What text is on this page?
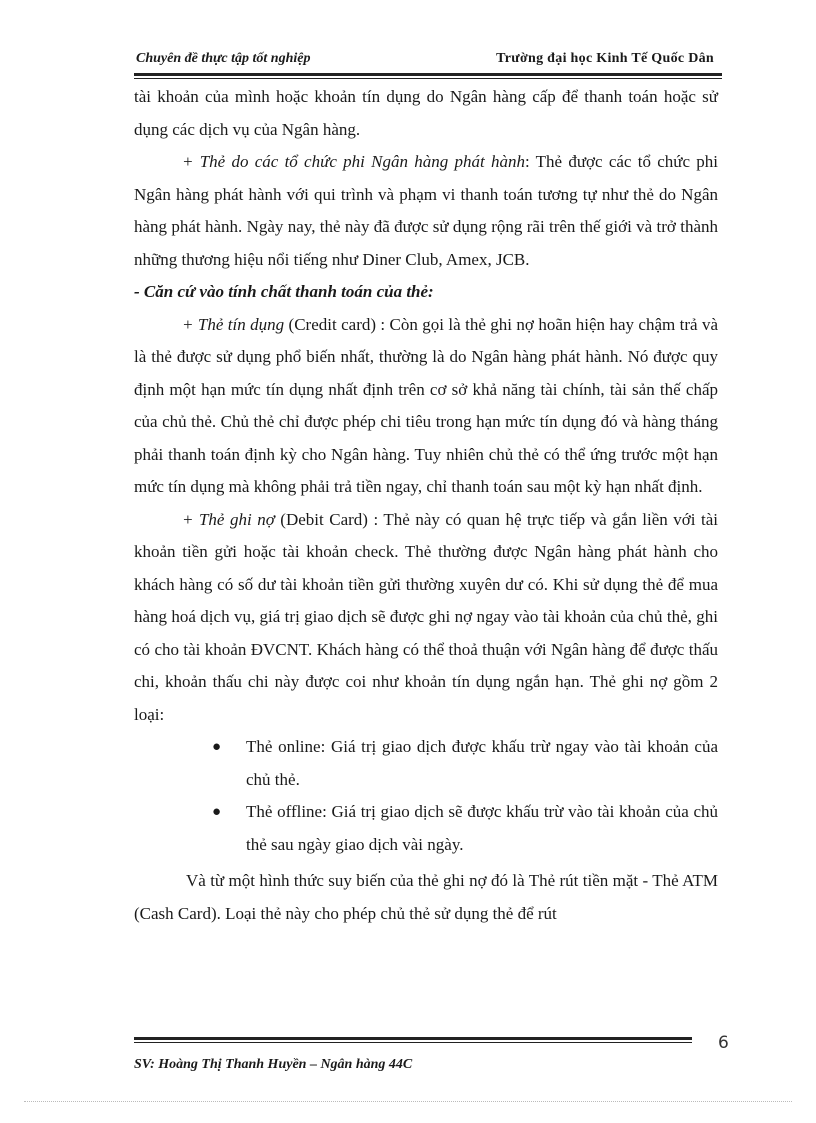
Chuyên đề thực tập tốt nghiệp	Trường đại học Kinh Tế Quốc Dân

tài khoản của mình hoặc khoản tín dụng do Ngân hàng cấp để thanh toán hoặc sử dụng các dịch vụ của Ngân hàng.

+ Thẻ do các tổ chức phi Ngân hàng phát hành: Thẻ được các tổ chức phi Ngân hàng phát hành với qui trình và phạm vi thanh toán tương tự như thẻ do Ngân hàng phát hành. Ngày nay, thẻ này đã được sử dụng rộng rãi trên thế giới và trở thành những thương hiệu nổi tiếng như Diner Club, Amex, JCB.

- Căn cứ vào tính chất thanh toán của thẻ:

+ Thẻ tín dụng (Credit card) : Còn gọi là thẻ ghi nợ hoãn hiện hay chậm trả và là thẻ được sử dụng phổ biến nhất, thường là do Ngân hàng phát hành. Nó được quy định một hạn mức tín dụng nhất định trên cơ sở khả năng tài chính, tài sản thế chấp của chủ thẻ. Chủ thẻ chỉ được phép chi tiêu trong hạn mức tín dụng đó và hàng tháng phải thanh toán định kỳ cho Ngân hàng. Tuy nhiên chủ thẻ có thể ứng trước một hạn mức tín dụng mà không phải trả tiền ngay, chỉ thanh toán sau một kỳ hạn nhất định.

+ Thẻ ghi nợ (Debit Card) : Thẻ này có quan hệ trực tiếp và gắn liền với tài khoản tiền gửi hoặc tài khoản check. Thẻ thường được Ngân hàng phát hành cho khách hàng có số dư tài khoản tiền gửi thường xuyên dư có. Khi sử dụng thẻ để mua hàng hoá dịch vụ, giá trị giao dịch sẽ được ghi nợ ngay vào tài khoản của chủ thẻ, ghi có cho tài khoản ĐVCNT. Khách hàng có thể thoả thuận với Ngân hàng để được thấu chi, khoản thấu chi này được coi như khoản tín dụng ngắn hạn. Thẻ ghi nợ gồm 2 loại:

● Thẻ online: Giá trị giao dịch được khấu trừ ngay vào tài khoản của chủ thẻ.
● Thẻ offline: Giá trị giao dịch sẽ được khấu trừ vào tài khoản của chủ thẻ sau ngày giao dịch vài ngày.

Và từ một hình thức suy biến của thẻ ghi nợ đó là Thẻ rút tiền mặt - Thẻ ATM (Cash Card). Loại thẻ này cho phép chủ thẻ sử dụng thẻ để rút

6
SV: Hoàng Thị Thanh Huyền – Ngân hàng 44C
